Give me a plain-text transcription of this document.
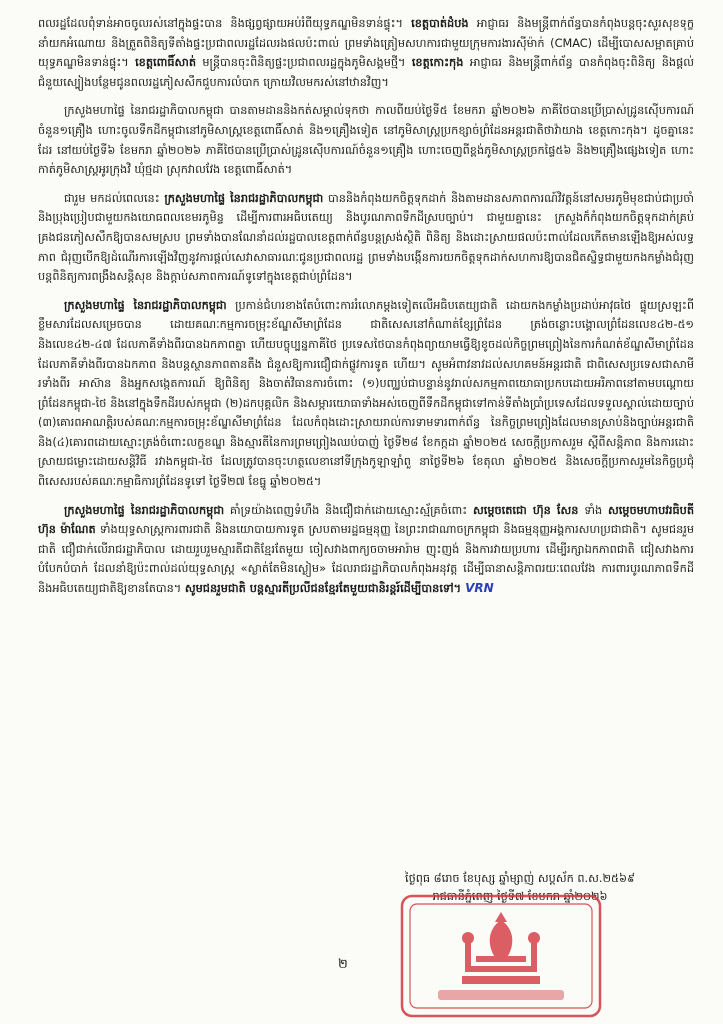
ពលរដ្ឋដែលពុំទាន់អាចចូលរស់នៅក្នុងផ្ទះបាន និងផ្សព្វផ្សាយអប់រំពីយុទ្ធភណ្ឌមិនទាន់ផ្ទុះ។ ខេត្តបាត់ដំបង អាជ្ញាធរ និងមន្ត្រីពាក់ព័ន្ធបានកំពុងបន្តចុះសួរសុខទុក្ខ នាំយកអំណោយ និងត្រួតពិនិត្យទីតាំងផ្ទះប្រជាពលរដ្ឋដែលរងផលប៉ះពាល់ ព្រមទាំងត្រៀមសហការជាមួយក្រុមការងារស៊ីម៉ាក់ (CMAC) ដើម្បីបោសសម្អាតគ្រាប់យុទ្ធភណ្ឌមិនទាន់ផ្ទុះ។ ខេត្តពោធិ៍សាត់ មន្ត្រីបានចុះពិនិត្យផ្ទះប្រជាពលរដ្ឋក្នុងភូមិសង្គមថ្មី។ ខេត្តកោះកុង អាជ្ញាធរ និងមន្ត្រីពាក់ព័ន្ធ បានកំពុងចុះពិនិត្យ និងផ្តល់ជំនួយស្បៀងបន្ថែមជូនពលរដ្ឋភៀសសឹកជួបការលំបាក ក្រោយវិលមករស់នៅឋានវិញ។

ក្រសួងមហាផ្ទៃ នៃរាជរដ្ឋាភិបាលកម្ពុជា បានតាមដាននិងកត់សម្គាល់ទុកថា កាលពីយប់ថ្ងៃទី៥ ខែមករា ឆ្នាំ២០២៦ ភាគីថៃបានប្រើប្រាស់ដ្រូនស៊ើបការណ៍ចំនួន១គ្រឿង ហោះចូលទឹកដីកម្ពុជានៅភូមិសាស្ត្រខេត្តពោធិ៍សាត់ និង១គ្រឿងទៀត នៅភូមិសាស្ត្រប្រកខ្សាច់ព្រំដែនអន្តរជាតិថាវ៉ាយាង ខេត្តកោះកុង។ ដូចគ្នានេះដែរ នៅយប់ថ្ងៃទី៦ ខែមករា ឆ្នាំ២០២៦ ភាគីថៃបានប្រើប្រាស់ដ្រូនស៊ើបការណ៍ចំនួន១គ្រឿង ហោះចេញពីខ្ពង់ភូមិសាស្ត្រច្រកផ្ទៃ៥៦ និង២គ្រឿងផ្សេងទៀត ហោះកាត់ភូមិសាស្ត្រអូរក្រុងវិ ឃុំថ្មដា ស្រុកវាលវែង ខេត្តពោធិ៍សាត់។

ជារួម មកដល់ពេលនេះ ក្រសួងមហាផ្ទៃ នៃរាជរដ្ឋាភិបាលកម្ពុជា បាននិងកំពុងយកចិត្តទុកដាក់ និងតាមដានសភាពការណ៍វិវត្តន៍នៅសមរភូមិមុខជាប់ជាប្រចាំ និងប្រុងប្រៀបជាមួយកងយោធពលខេមរភូមិន្ទ ដើម្បីការពារអធិបតេយ្យ និងបូរណភាពទឹកដីស្របច្បាប់។ ជាមួយគ្នានេះ ក្រសួងក៏កំពុងយកចិត្តទុកដាក់គ្រប់គ្រងជនភៀសសឹកឱ្យបានសមស្រប ព្រមទាំងបានណែនាំដល់រដ្ឋបាលខេត្តពាក់ព័ន្ធបន្តស្រង់ស្ថិតិ ពិនិត្យ និងដោះស្រាយផលប៉ះពាល់ដែលកើតមានឡើងឱ្យអស់លទ្ធភាព ជំរុញបើកឱ្យដំណើរការឡើងវិញនូវការផ្តល់សេវាសាធារណៈជូនប្រជាពលរដ្ឋ ព្រមទាំងបង្កើនការយកចិត្តទុកដាក់សហការឱ្យបានជិតស្និទ្ធជាមួយកងកម្លាំងជំរុញ បន្តពិនិត្យការពង្រឹងសន្តិសុខ និងក្តាប់សភាពការណ៍ទូទៅក្នុងខេត្តជាប់ព្រំដែន។

ក្រសួងមហាផ្ទៃ នៃរាជរដ្ឋាភិបាលកម្ពុជា ប្រកាន់ជំហរខាងតែបំពោះការរំលោភម្តងទៀតលើអធិបតេយ្យជាតិ ដោយកងកម្លាំងប្រដាប់អាវុធថៃ ផ្ទុយស្រឡះពីខ្លឹមសារដែលសម្រេចបាន ដោយគណៈកម្មការចម្រុះខ័ណ្ឌសីមាព្រំដែន ជាតិសេសនៅកំណាត់ខ្សែព្រំដែន ត្រង់ចន្លោះបង្គោលព្រំដែនលេខ៤២-៥១ និងលេខ៤២-៤៧ ដែលភាគីទាំងពីរបានឯកភាពគ្នា ហើយបច្ចុប្បន្នភាគីថៃ ប្រទេសថៃបានកំពុងព្យាយាមធ្វើឱ្យខូចដល់កិច្ចព្រមព្រៀងនៃការកំណត់ខ័ណ្ឌសីមាព្រំដែន ដែលភាគីទាំងពីរបានឯកភាព និងបន្តស្ថានភាពតានតឹង ជំនួសឱ្យការជឿជាក់ផ្លូវការទូត ហើយ។ សូមអំពាវនាវដល់សហគមន៍អន្តរជាតិ ជាពិសេសប្រទេសជាសាមីរទាំងពីរ អាស៊ាន និងអ្នកសង្កេតការណ៍ ឱ្យពិនិត្យ និងចាត់វិធានការចំពោះ (១)បញ្ឈប់ជាបន្ទាន់នូវរាល់សកម្មភាពយោធាប្រកបដោយអរិភាពនៅតាមបណ្តោយព្រំដែនកម្ពុជា-ថៃ និងនៅក្នុងទឹកដីរបស់កម្ពុជា (២)ដកបុគ្គលិក និងសម្ភារយោធាទាំងអស់ចេញពីទឹកដីកម្ពុជាទៅកាន់ទីតាំងប្រាំប្រទេសដែលទទួលស្គាល់ដោយច្បាប់ (៣)គោរពអាណត្តិរបស់គណៈកម្មការចម្រុះខ័ណ្ឌសីមាព្រំដែន ដែលកំពុងដោះស្រាយរាល់ការទាមទារពាក់ព័ន្ធ នៃកិច្ចព្រមព្រៀងដែលមានស្រាប់និងច្បាប់អន្តរជាតិ និង(៤)គោរពដោយស្មោះត្រង់ចំពោះលក្ខខណ្ឌ និងស្មារតីនៃការព្រមព្រៀងឈប់បាញ់ ថ្ងៃទី២៨ ខែកក្កដា ឆ្នាំ២០២៥ សេចក្តីប្រកាសរួម ស្តីពីសន្តិភាព និងការដោះស្រាយជម្លោះដោយសន្តិវិធី រវាងកម្ពុជា-ថៃ ដែលត្រូវបានចុះហត្ថលេខានៅទីក្រុងកូឡាឡាំពួ នាថ្ងៃទី២៦ ខែតុលា ឆ្នាំ២០២៥ និងសេចក្តីប្រកាសរួមនៃកិច្ចប្រជុំពិសេសរបស់គណៈកម្មាធិការព្រំដែនទូទៅ ថ្ងៃទី២៧ ខែធ្នូ ឆ្នាំ២០២៥។

ក្រសួងមហាផ្ទៃ នៃរាជរដ្ឋាភិបាលកម្ពុជា គាំទ្រយ៉ាងពេញទំហឹង និងជឿជាក់ដោយស្មោះស្ម័គ្រចំពោះ សម្តេចតេជោ ហ៊ុន សែន ទាំង សម្តេចមហាបវរធិបតី ហ៊ុន ម៉ាណែត ទាំងយុទ្ធសាស្ត្រការពារជាតិ និងនយោបាយការទូត ស្របតាមរដ្ឋធម្មនុញ្ញ នៃព្រះរាជាណាចក្រកម្ពុជា និងធម្មនុញ្ញអង្គការសហប្រជាជាតិ។ សូមជនរួមជាតិ ជឿជាក់លើរាជរដ្ឋាភិបាល ដោយរួបរួមស្មារតីជាតិខ្មែរតែមួយ ចៀសវាងពាក្យចចាមអារ៉ាម ញុះញង់ និងការវាយប្រហារ ដើម្បីរក្សាឯកភាពជាតិ ជៀសវាងការបំបែកបំបាក់ ដែលនាំឱ្យប៉ះពាល់ដល់យុទ្ធសាស្ត្រ «ស្ងាត់តែមិនស្ងៀម» ដែលរាជរដ្ឋាភិបាលកំពុងអនុវត្ត ដើម្បីធានាសន្តិភាពរយៈពេលវែង ការពារបូរណភាពទឹកដី និងអធិបតេយ្យជាតិឱ្យខានតែបាន។ សូមជនរួមជាតិ បន្តស្មារតីប្រលីជនខ្មែរតែមួយជានិរន្តរ៍ដើម្បីបានទៅ។ VRN

ថ្ងៃពុធ ៨រោច ខែបុស្ស ឆ្នាំម្សាញ់ សប្តស័ក ព.ស.២៥៦៩
រាជធានីភ្នំពេញ ថ្ងៃទី៧ ខែមករា ឆ្នាំ២០២៦
២
